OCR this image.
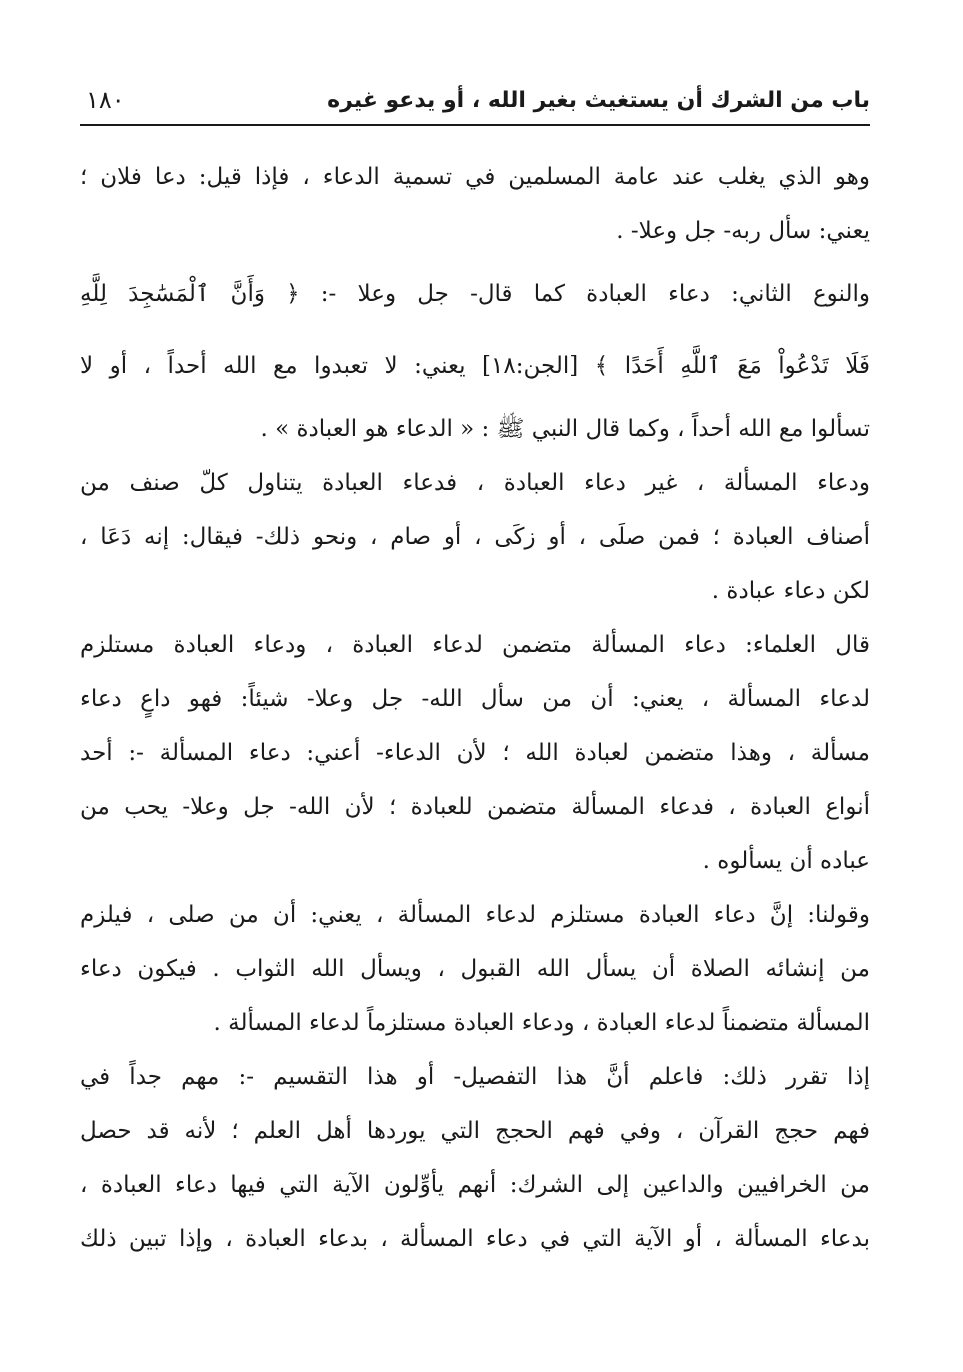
باب من الشرك أن يستغيث بغير الله ، أو يدعو غيره
١٨٠

وهو الذي يغلب عند عامة المسلمين في تسمية الدعاء ، فإذا قيل: دعا فلان ؛
يعني: سأل ربه- جل وعلا- .

والنوع الثاني: دعاء العبادة كما قال- جل وعلا -: ﴿ وَأَنَّ ٱلْمَسَٰجِدَ لِلَّهِ
فَلَا تَدْعُواْ مَعَ ٱللَّهِ أَحَدًا ﴾ [الجن:١٨] يعني: لا تعبدوا مع الله أحداً ، أو لا
تسألوا مع الله أحداً ، وكما قال النبي ﷺ : « الدعاء هو العبادة » .

ودعاء المسألة ، غير دعاء العبادة ، فدعاء العبادة يتناول كلّ صنف من
أصناف العبادة ؛ فمن صلَى ، أو زكَى ، أو صام ، ونحو ذلك- فيقال: إنه دَعَا ،
لكن دعاء عبادة .

قال العلماء: دعاء المسألة متضمن لدعاء العبادة ، ودعاء العبادة مستلزم
لدعاء المسألة ، يعني: أن من سأل الله- جل وعلا- شيئاً: فهو داعٍ دعاء
مسألة ، وهذا متضمن لعبادة الله ؛ لأن الدعاء- أعني: دعاء المسألة -: أحد
أنواع العبادة ، فدعاء المسألة متضمن للعبادة ؛ لأن الله- جل وعلا- يحب من
عباده أن يسألوه .

وقولنا: إنَّ دعاء العبادة مستلزم لدعاء المسألة ، يعني: أن من صلى ، فيلزم
من إنشائه الصلاة أن يسأل الله القبول ، ويسأل الله الثواب . فيكون دعاء
المسألة متضمناً لدعاء العبادة ، ودعاء العبادة مستلزماً لدعاء المسألة .

إذا تقرر ذلك: فاعلم أنَّ هذا التفصيل- أو هذا التقسيم -: مهم جداً في
فهم حجج القرآن ، وفي فهم الحجج التي يوردها أهل العلم ؛ لأنه قد حصل
من الخرافيين والداعين إلى الشرك: أنهم يأوِّلون الآية التي فيها دعاء العبادة ،
بدعاء المسألة ، أو الآية التي في دعاء المسألة ، بدعاء العبادة ، وإذا تبين ذلك
